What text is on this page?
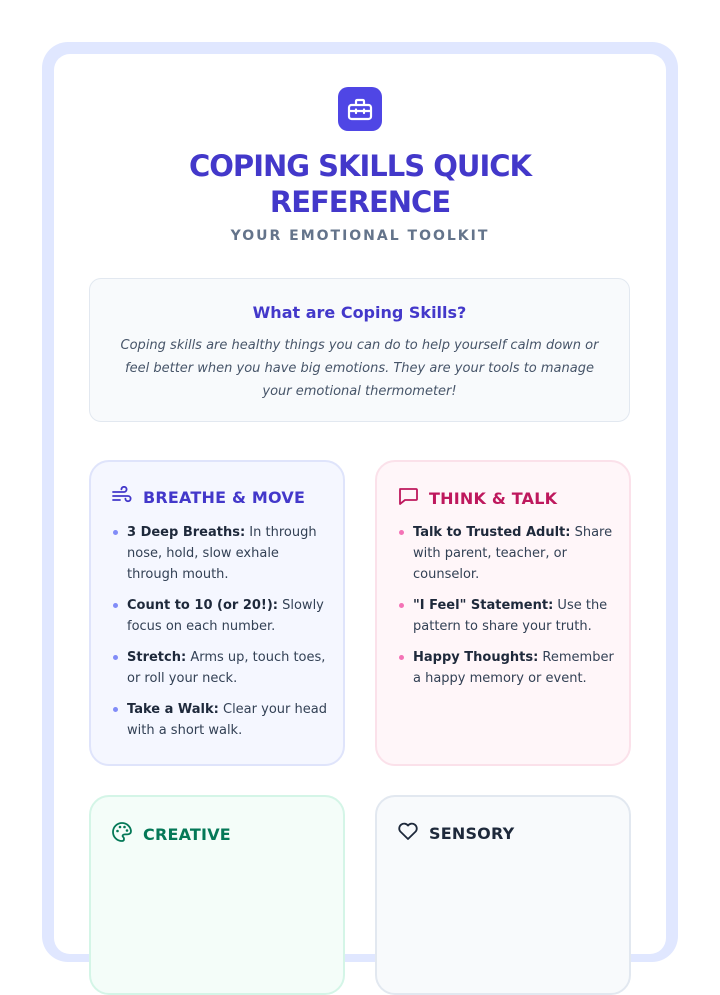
COPING SKILLS QUICK
REFERENCE
YOUR EMOTIONAL TOOLKIT
What are Coping Skills?
Coping skills are healthy things you can do to help yourself calm down or feel better when you have big emotions. They are your tools to manage your emotional thermometer!
BREATHE & MOVE
3 Deep Breaths: In through nose, hold, slow exhale through mouth.
Count to 10 (or 20!): Slowly focus on each number.
Stretch: Arms up, touch toes, or roll your neck.
Take a Walk: Clear your head with a short walk.
THINK & TALK
Talk to Trusted Adult: Share with parent, teacher, or counselor.
"I Feel" Statement: Use the pattern to share your truth.
Happy Thoughts: Remember a happy memory or event.
CREATIVE	SENSORY
